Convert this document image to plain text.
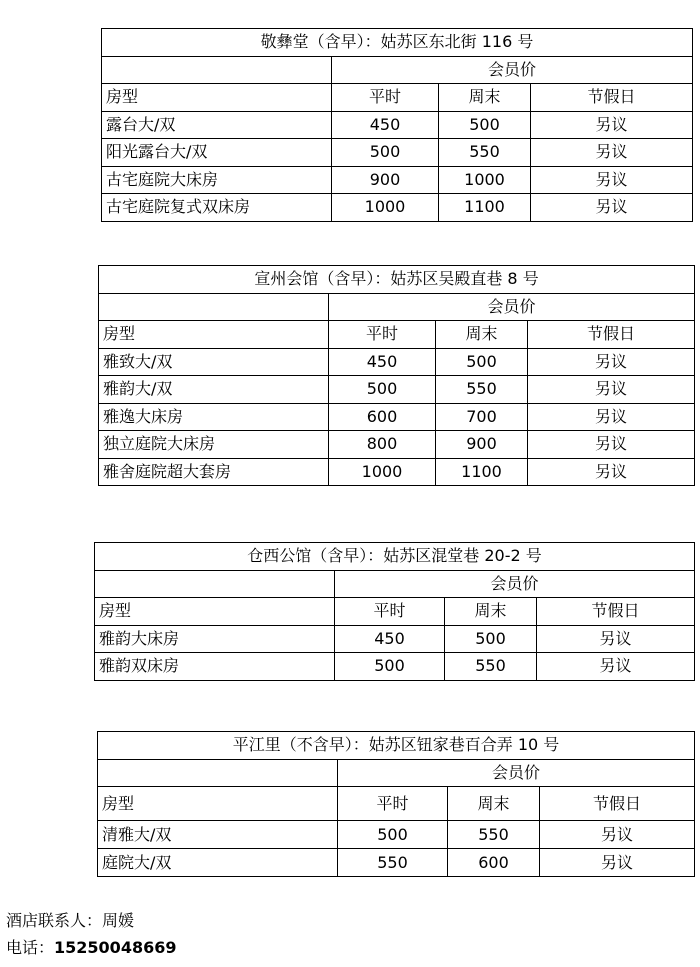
敬彝堂（含早）：姑苏区东北街 116 号			
	会员价		
房型	平时	周末	节假日
露台大/双	450	500	另议
阳光露台大/双	500	550	另议
古宅庭院大床房	900	1000	另议
古宅庭院复式双床房	1000	1100	另议
宣州会馆（含早）：姑苏区吴殿直巷 8 号			
	会员价		
房型	平时	周末	节假日
雅致大/双	450	500	另议
雅韵大/双	500	550	另议
雅逸大床房	600	700	另议
独立庭院大床房	800	900	另议
雅舍庭院超大套房	1000	1100	另议
仓西公馆（含早）：姑苏区混堂巷 20-2 号			
	会员价		
房型	平时	周末	节假日
雅韵大床房	450	500	另议
雅韵双床房	500	550	另议
平江里（不含早）：姑苏区钮家巷百合弄 10 号			
	会员价		
房型	平时	周末	节假日
清雅大/双	500	550	另议
庭院大/双	550	600	另议
酒店联系人：周媛
电话：15250048669
